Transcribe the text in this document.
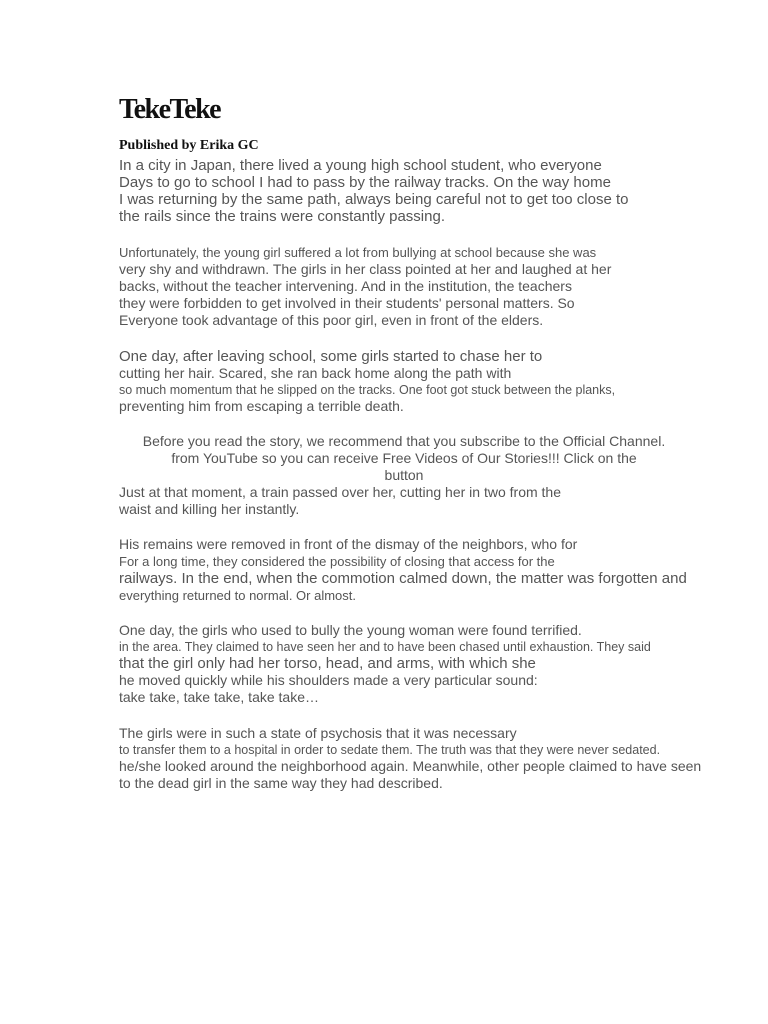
TekeTeke
Published by Erika GC
In a city in Japan, there lived a young high school student, who everyone
Days to go to school I had to pass by the railway tracks. On the way home
I was returning by the same path, always being careful not to get too close to
the rails since the trains were constantly passing.
Unfortunately, the young girl suffered a lot from bullying at school because she was
very shy and withdrawn. The girls in her class pointed at her and laughed at her
backs, without the teacher intervening. And in the institution, the teachers
they were forbidden to get involved in their students' personal matters. So
Everyone took advantage of this poor girl, even in front of the elders.
One day, after leaving school, some girls started to chase her to
cutting her hair. Scared, she ran back home along the path with
so much momentum that he slipped on the tracks. One foot got stuck between the planks,
preventing him from escaping a terrible death.
Before you read the story, we recommend that you subscribe to the Official Channel.
from YouTube so you can receive Free Videos of Our Stories!!! Click on the
button
Just at that moment, a train passed over her, cutting her in two from the
waist and killing her instantly.
His remains were removed in front of the dismay of the neighbors, who for
For a long time, they considered the possibility of closing that access for the
railways. In the end, when the commotion calmed down, the matter was forgotten and
everything returned to normal. Or almost.
One day, the girls who used to bully the young woman were found terrified.
in the area. They claimed to have seen her and to have been chased until exhaustion. They said
that the girl only had her torso, head, and arms, with which she
he moved quickly while his shoulders made a very particular sound:
take take, take take, take take…
The girls were in such a state of psychosis that it was necessary
to transfer them to a hospital in order to sedate them. The truth was that they were never sedated.
he/she looked around the neighborhood again. Meanwhile, other people claimed to have seen
to the dead girl in the same way they had described.
